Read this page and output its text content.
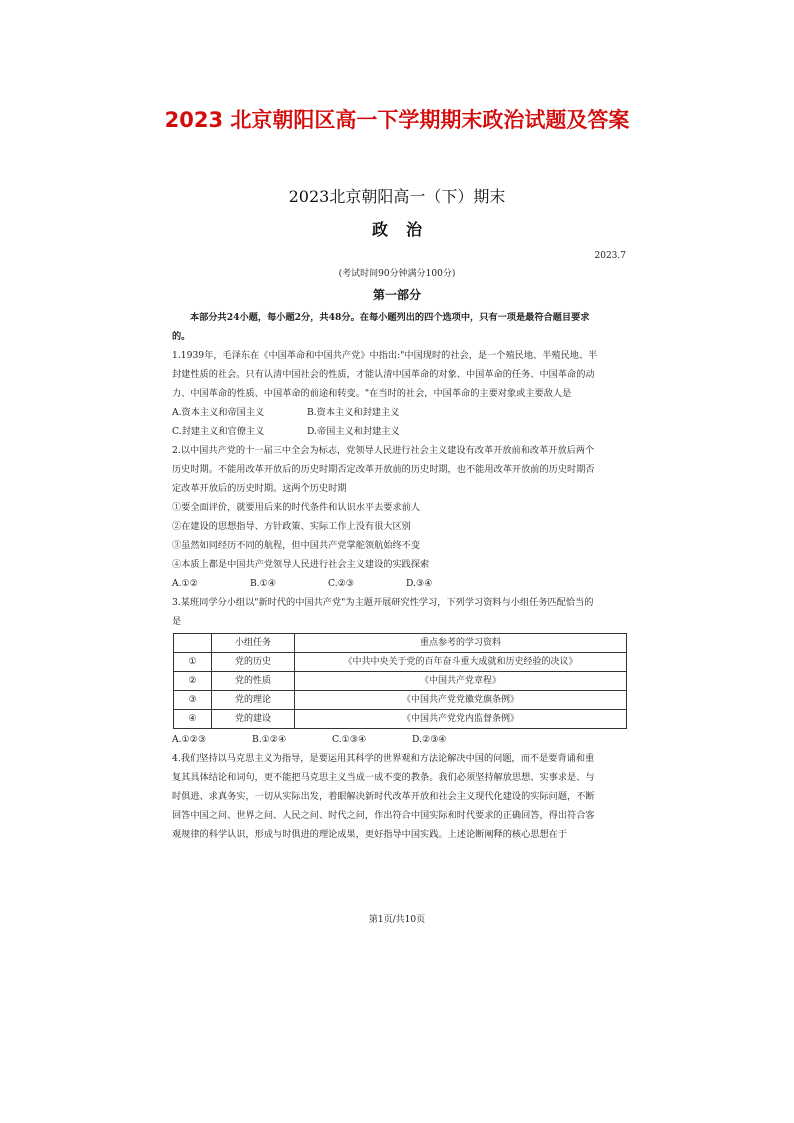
2023 北京朝阳区高一下学期期末政治试题及答案
2023北京朝阳高一（下）期末
政治
2023.7
(考试时间90分钟满分100分)
第一部分

本部分共24小题，每小题2分，共48分。在每小题列出的四个选项中，只有一项是最符合题目要求

的。

1.1939年，毛泽东在《中国革命和中国共产党》中指出:"中国现时的社会，是一个殖民地、半殖民地、半

封建性质的社会。只有认清中国社会的性质，才能认清中国革命的对象、中国革命的任务、中国革命的动

力、中国革命的性质、中国革命的前途和转变。"在当时的社会，中国革命的主要对象或主要敌人是

A.资本主义和帝国主义	B.资本主义和封建主义
C.封建主义和官僚主义	D.帝国主义和封建主义

2.以中国共产党的十一届三中全会为标志，党领导人民进行社会主义建设有改革开放前和改革开放后两个

历史时期。不能用改革开放后的历史时期否定改革开放前的历史时期，也不能用改革开放前的历史时期否

定改革开放后的历史时期。这两个历史时期

①要全面评价，就要用后来的时代条件和认识水平去要求前人

②在建设的思想指导、方针政策、实际工作上没有很大区别

③虽然如同经历不同的航程，但中国共产党掌舵领航始终不变

④本质上都是中国共产党领导人民进行社会主义建设的实践探索

A.①②	B.①④	C.②③	D.③④

3.某班同学分小组以"新时代的中国共产党"为主题开展研究性学习，下列学习资料与小组任务匹配恰当的

是

	小组任务	重点参考的学习资料
①	党的历史	《中共中央关于党的百年奋斗重大成就和历史经验的决议》
②	党的性质	《中国共产党章程》
③	党的理论	《中国共产党党徽党旗条例》
④	党的建设	《中国共产党党内监督条例》
A.①②③	B.①②④	C.①③④	D.②③④

4.我们坚持以马克思主义为指导，是要运用其科学的世界观和方法论解决中国的问题，而不是要背诵和重

复其具体结论和词句，更不能把马克思主义当成一成不变的教条。我们必须坚持解放思想、实事求是、与

时俱进、求真务实，一切从实际出发，着眼解决新时代改革开放和社会主义现代化建设的实际问题，不断

回答中国之问、世界之问、人民之问、时代之问，作出符合中国实际和时代要求的正确回答，得出符合客

观规律的科学认识，形成与时俱进的理论成果，更好指导中国实践。上述论断阐释的核心思想在于

第1页/共10页
